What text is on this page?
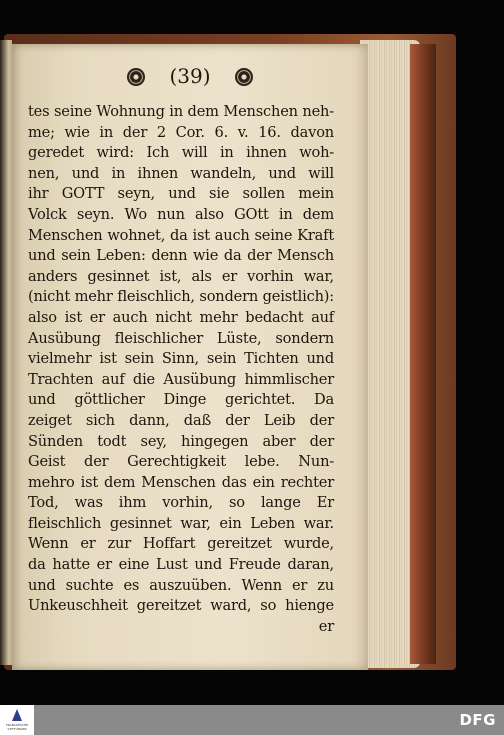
(39)
tes seine Wohnung in dem Menschen neh-
me; wie in der 2 Cor. 6. v. 16. davon
geredet wird: Ich will in ihnen woh-
nen, und in ihnen wandeln, und will
ihr GOTT seyn, und sie sollen mein
Volck seyn. Wo nun also GOtt in dem
Menschen wohnet, da ist auch seine Kraft
und sein Leben: denn wie da der Mensch
anders gesinnet ist, als er vorhin war,
(nicht mehr fleischlich, sondern geistlich):
also ist er auch nicht mehr bedacht auf
Ausübung fleischlicher Lüste, sondern
vielmehr ist sein Sinn, sein Tichten und
Trachten auf die Ausübung himmlischer
und göttlicher Dinge gerichtet. Da
zeiget sich dann, daß der Leib der
Sünden todt sey, hingegen aber der
Geist der Gerechtigkeit lebe. Nun-
mehro ist dem Menschen das ein rechter
Tod, was ihm vorhin, so lange Er
fleischlich gesinnet war, ein Leben war.
Wenn er zur Hoffart gereitzet wurde,
da hatte er eine Lust und Freude daran,
und suchte es auszuüben. Wenn er zu
Unkeuschheit gereitzet ward, so hienge
er
FRANCKESCHE STIFTUNGEN	DFG
